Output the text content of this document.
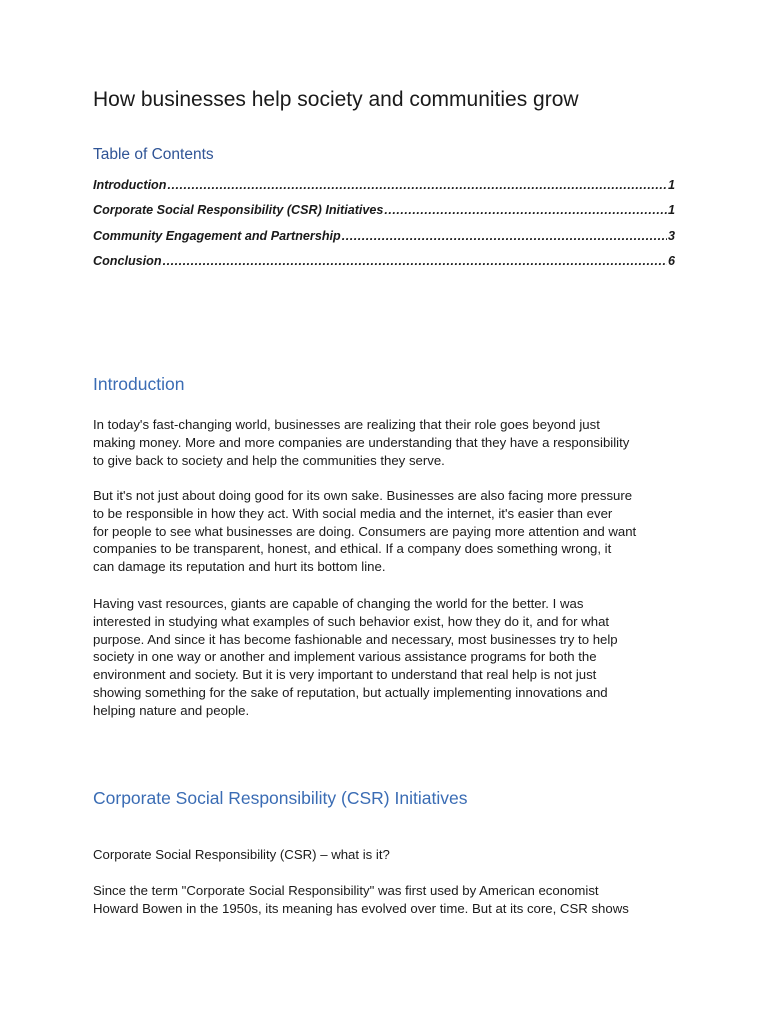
How businesses help society and communities grow
Table of Contents
Introduction .....	1
Corporate Social Responsibility (CSR) Initiatives .....	1
Community Engagement and Partnership .....	3
Conclusion .....	6
Introduction

In today's fast-changing world, businesses are realizing that their role goes beyond just
making money. More and more companies are understanding that they have a responsibility
to give back to society and help the communities they serve.

But it's not just about doing good for its own sake. Businesses are also facing more pressure
to be responsible in how they act. With social media and the internet, it's easier than ever
for people to see what businesses are doing. Consumers are paying more attention and want
companies to be transparent, honest, and ethical. If a company does something wrong, it
can damage its reputation and hurt its bottom line.

Having vast resources, giants are capable of changing the world for the better. I was
interested in studying what examples of such behavior exist, how they do it, and for what
purpose. And since it has become fashionable and necessary, most businesses try to help
society in one way or another and implement various assistance programs for both the
environment and society. But it is very important to understand that real help is not just
showing something for the sake of reputation, but actually implementing innovations and
helping nature and people.

Corporate Social Responsibility (CSR) Initiatives

Corporate Social Responsibility (CSR) – what is it?

Since the term "Corporate Social Responsibility" was first used by American economist
Howard Bowen in the 1950s, its meaning has evolved over time. But at its core, CSR shows
